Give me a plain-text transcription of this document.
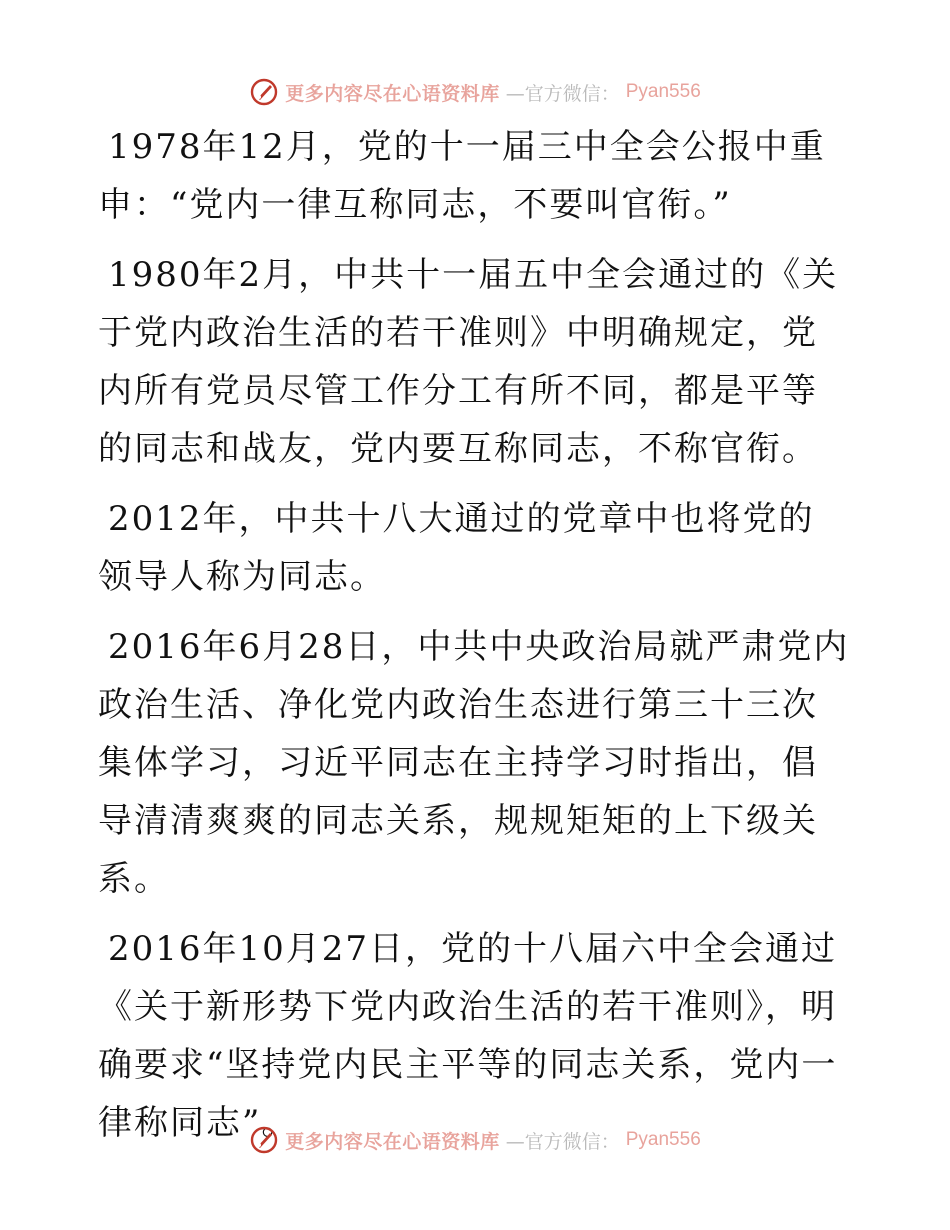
更多内容尽在心语资料库 —官方微信： Pyan556

1978年12月，党的十一届三中全会公报中重申：“党内一律互称同志，不要叫官衔。”

1980年2月，中共十一届五中全会通过的《关于党内政治生活的若干准则》中明确规定，党内所有党员尽管工作分工有所不同，都是平等的同志和战友，党内要互称同志，不称官衔。

2012年，中共十八大通过的党章中也将党的领导人称为同志。

2016年6月28日，中共中央政治局就严肃党内政治生活、净化党内政治生态进行第三十三次集体学习，习近平同志在主持学习时指出，倡导清清爽爽的同志关系，规规矩矩的上下级关系。

2016年10月27日，党的十八届六中全会通过《关于新形势下党内政治生活的若干准则》，明确要求“坚持党内民主平等的同志关系，党内一律称同志”。

更多内容尽在心语资料库 —官方微信： Pyan556
